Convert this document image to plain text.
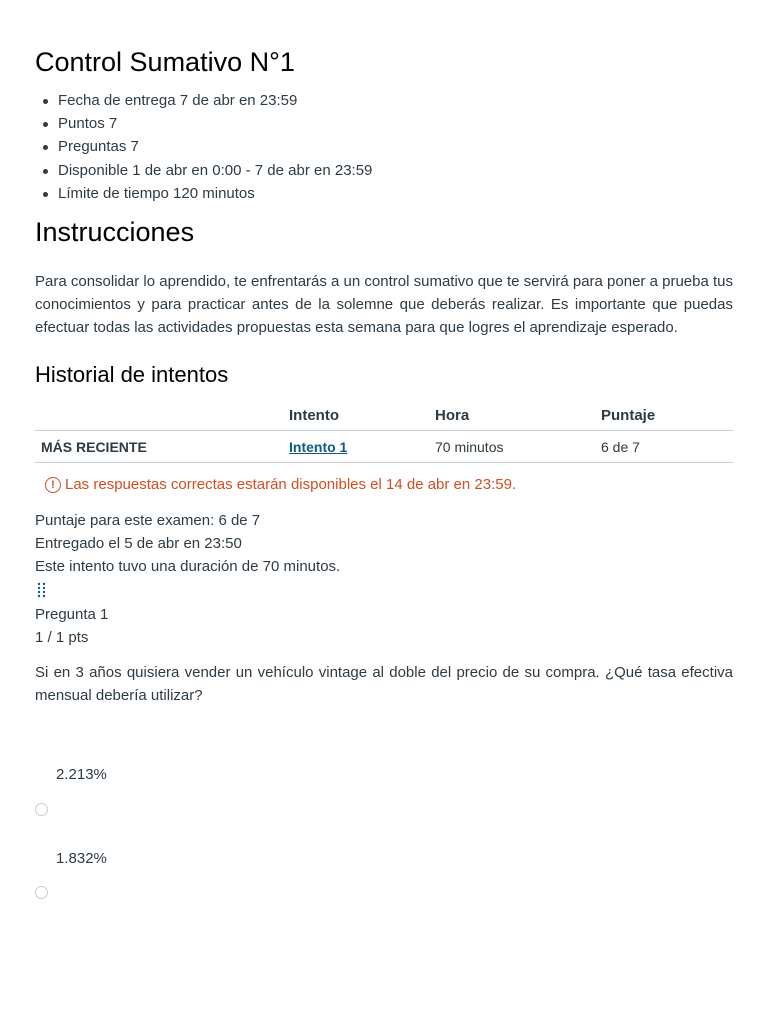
Control Sumativo N°1
Fecha de entrega 7 de abr en 23:59
Puntos 7
Preguntas 7
Disponible 1 de abr en 0:00 - 7 de abr en 23:59
Límite de tiempo 120 minutos
Instrucciones

Para consolidar lo aprendido, te enfrentarás a un control sumativo que te servirá para poner a prueba tus conocimientos y para practicar antes de la solemne que deberás realizar. Es importante que puedas efectuar todas las actividades propuestas esta semana para que logres el aprendizaje esperado.

Historial de intentos
	Intento	Hora	Puntaje
MÁS RECIENTE	Intento 1	70 minutos	6 de 7
! Las respuestas correctas estarán disponibles el 14 de abr en 23:59.
Puntaje para este examen: 6 de 7
Entregado el 5 de abr en 23:50
Este intento tuvo una duración de 70 minutos.
Pregunta 1
1 / 1 pts

Si en 3 años quisiera vender un vehículo vintage al doble del precio de su compra. ¿Qué tasa efectiva mensual debería utilizar?

2.213%
1.832%
